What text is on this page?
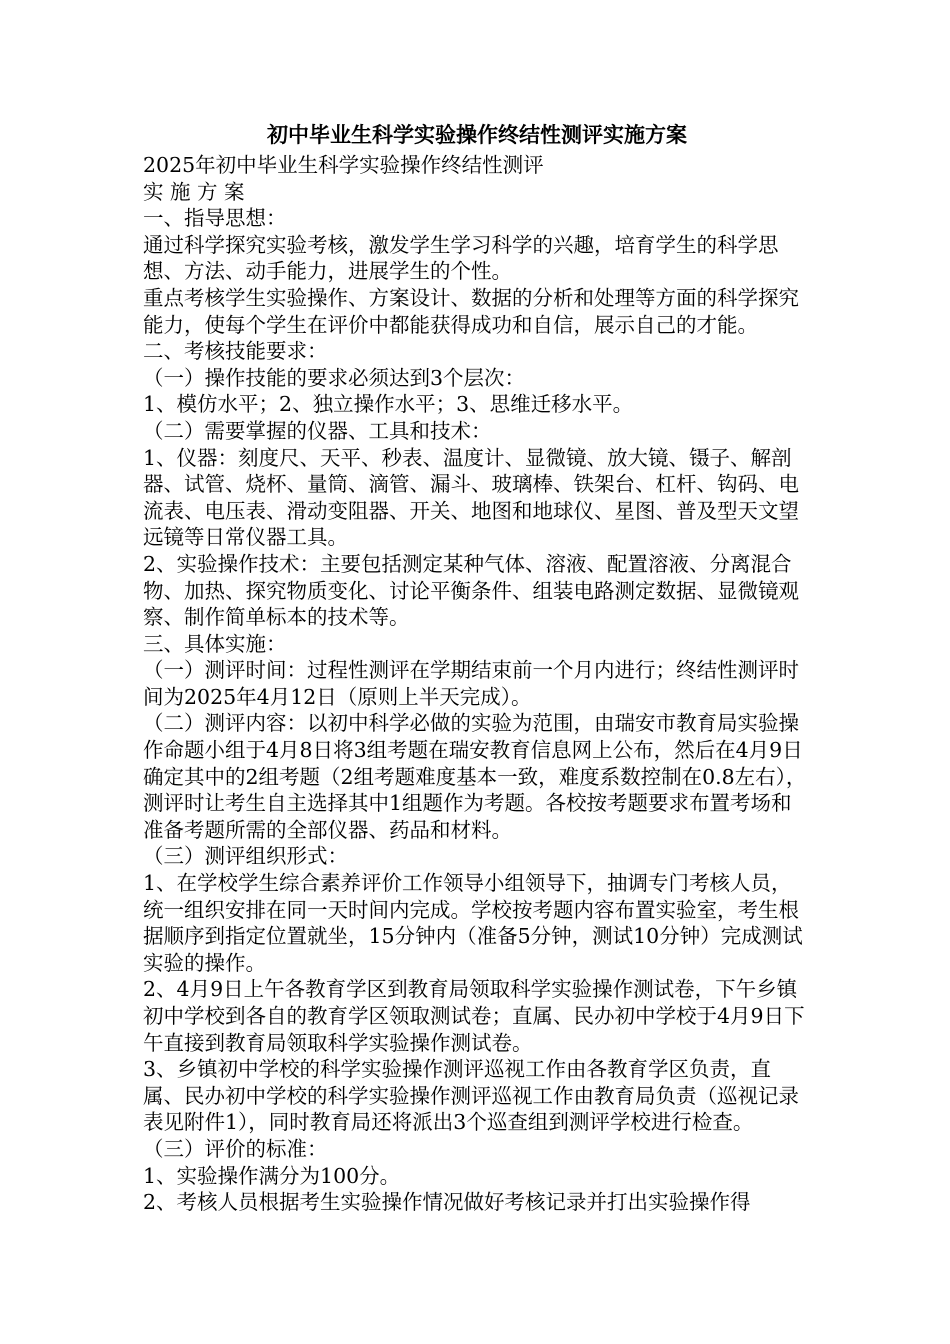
初中毕业生科学实验操作终结性测评实施方案

2025年初中毕业生科学实验操作终结性测评

实 施 方 案

一、指导思想：

通过科学探究实验考核，激发学生学习科学的兴趣，培育学生的科学思想、方法、动手能力，进展学生的个性。

重点考核学生实验操作、方案设计、数据的分析和处理等方面的科学探究能力，使每个学生在评价中都能获得成功和自信，展示自己的才能。

二、考核技能要求：

（一）操作技能的要求必须达到3个层次：

1、模仿水平；2、独立操作水平；3、思维迁移水平。

（二）需要掌握的仪器、工具和技术：

1、仪器：刻度尺、天平、秒表、温度计、显微镜、放大镜、镊子、解剖器、试管、烧杯、量筒、滴管、漏斗、玻璃棒、铁架台、杠杆、钩码、电流表、电压表、滑动变阻器、开关、地图和地球仪、星图、普及型天文望远镜等日常仪器工具。

2、实验操作技术：主要包括测定某种气体、溶液、配置溶液、分离混合物、加热、探究物质变化、讨论平衡条件、组装电路测定数据、显微镜观察、制作简单标本的技术等。

三、具体实施：

（一）测评时间：过程性测评在学期结束前一个月内进行；终结性测评时间为2025年4月12日（原则上半天完成）。

（二）测评内容：以初中科学必做的实验为范围，由瑞安市教育局实验操作命题小组于4月8日将3组考题在瑞安教育信息网上公布，然后在4月9日确定其中的2组考题（2组考题难度基本一致，难度系数控制在0.8左右），测评时让考生自主选择其中1组题作为考题。各校按考题要求布置考场和准备考题所需的全部仪器、药品和材料。

（三）测评组织形式：

1、在学校学生综合素养评价工作领导小组领导下，抽调专门考核人员，统一组织安排在同一天时间内完成。学校按考题内容布置实验室，考生根据顺序到指定位置就坐，15分钟内（准备5分钟，测试10分钟）完成测试实验的操作。

2、4月9日上午各教育学区到教育局领取科学实验操作测试卷，下午乡镇初中学校到各自的教育学区领取测试卷；直属、民办初中学校于4月9日下午直接到教育局领取科学实验操作测试卷。

3、乡镇初中学校的科学实验操作测评巡视工作由各教育学区负责，直属、民办初中学校的科学实验操作测评巡视工作由教育局负责（巡视记录表见附件1），同时教育局还将派出3个巡查组到测评学校进行检查。

（三）评价的标准：

1、实验操作满分为100分。

2、考核人员根据考生实验操作情况做好考核记录并打出实验操作得
